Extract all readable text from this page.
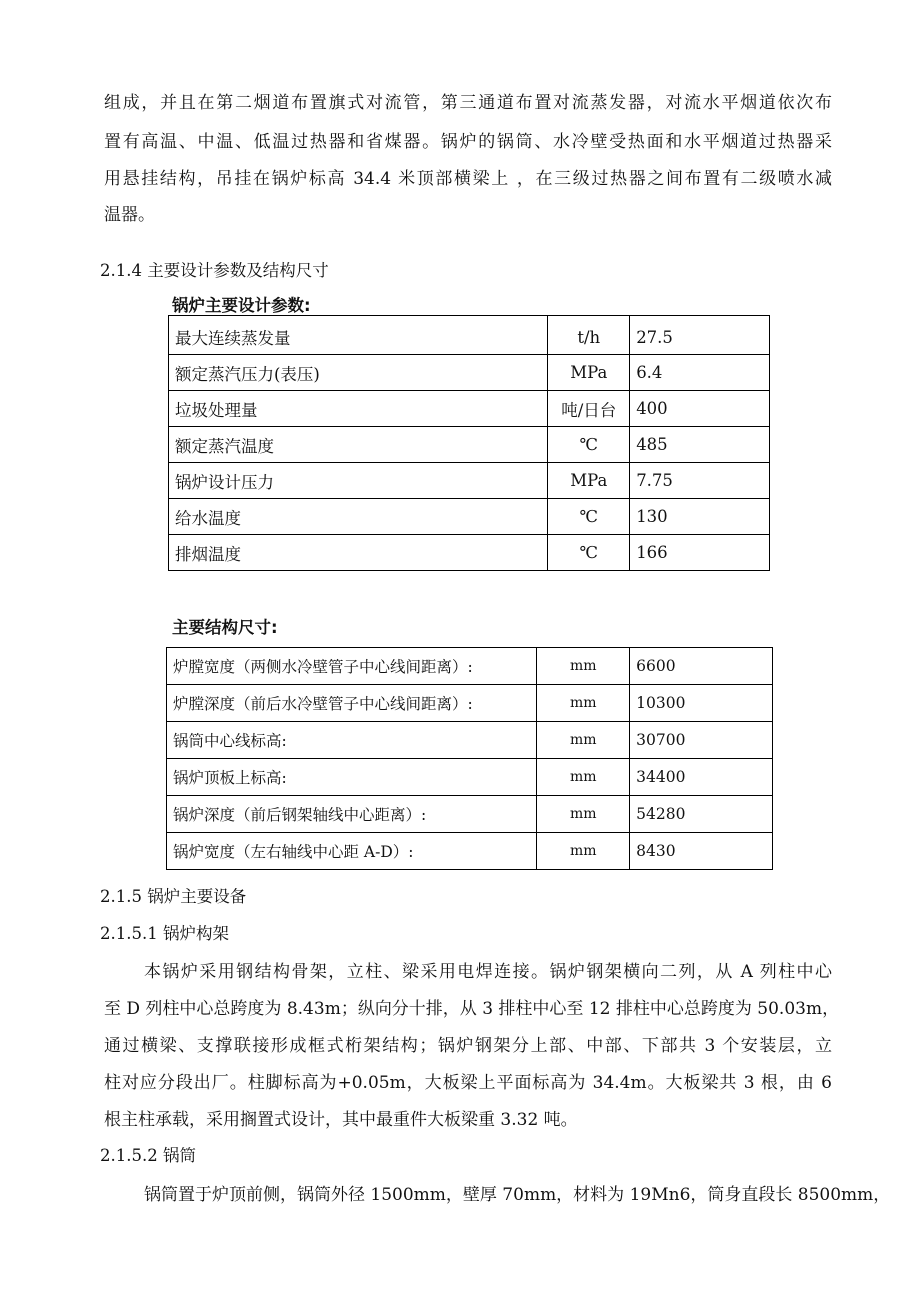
组成，并且在第二烟道布置旗式对流管，第三通道布置对流蒸发器，对流水平烟道依次布
置有高温、中温、低温过热器和省煤器。锅炉的锅筒、水冷壁受热面和水平烟道过热器采
用悬挂结构，吊挂在锅炉标高 34.4 米顶部横梁上 ，在三级过热器之间布置有二级喷水减
温器。
2.1.4 主要设计参数及结构尺寸
锅炉主要设计参数:
最大连续蒸发量	t/h	27.5
额定蒸汽压力(表压)	MPa	6.4
垃圾处理量	吨/日台	400
额定蒸汽温度	℃	485
锅炉设计压力	MPa	7.75
给水温度	℃	130
排烟温度	℃	166
主要结构尺寸:
炉膛宽度（两侧水冷壁管子中心线间距离）:	mm	6600
炉膛深度（前后水冷壁管子中心线间距离）:	mm	10300
锅筒中心线标高:	mm	30700
锅炉顶板上标高:	mm	34400
锅炉深度（前后钢架轴线中心距离）:	mm	54280
锅炉宽度（左右轴线中心距 A-D）:	mm	8430
2.1.5 锅炉主要设备
2.1.5.1 锅炉构架
本锅炉采用钢结构骨架，立柱、梁采用电焊连接。锅炉钢架横向二列，从 A 列柱中心
至 D 列柱中心总跨度为 8.43m；纵向分十排，从 3 排柱中心至 12 排柱中心总跨度为 50.03m，
通过横梁、支撑联接形成框式桁架结构；锅炉钢架分上部、中部、下部共 3 个安装层，立
柱对应分段出厂。柱脚标高为+0.05m，大板梁上平面标高为 34.4m。大板梁共 3 根，由 6
根主柱承载，采用搁置式设计，其中最重件大板梁重 3.32 吨。
2.1.5.2 锅筒
锅筒置于炉顶前侧，锅筒外径 1500mm，壁厚 70mm，材料为 19Mn6，筒身直段长 8500mm，
